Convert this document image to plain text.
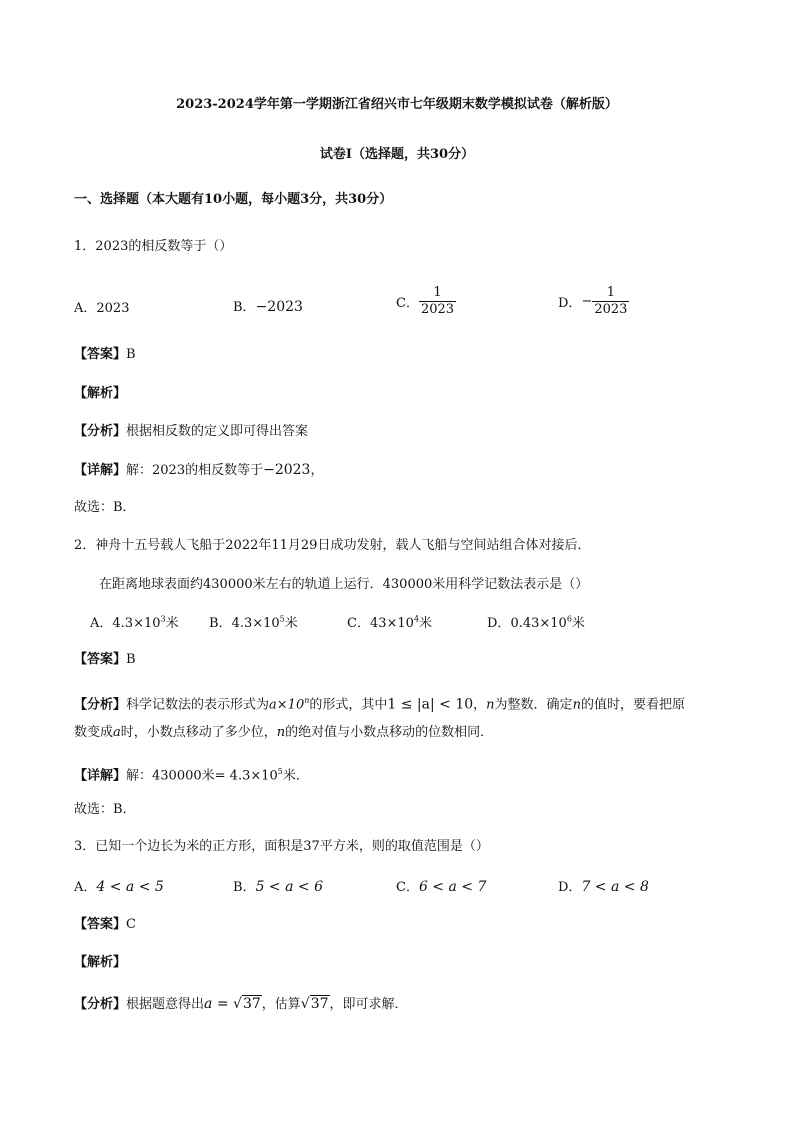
2023-2024学年第一学期浙江省绍兴市七年级期末数学模拟试卷（解析版）
试卷Ⅰ（选择题，共30分）
一、选择题（本大题有10小题，每小题3分，共30分）
1．2023的相反数等于（）
A．2023	B．−2023	C． $\frac{1}{2023}$	D．− $\frac{1}{2023}$
【答案】B
【解析】
【分析】根据相反数的定义即可得出答案
【详解】解：2023的相反数等于−2023，
故选：B．
2．神舟十五号载人飞船于2022年11月29日成功发射，载人飞船与空间站组合体对接后．
在距离地球表面约430000米左右的轨道上运行．430000米用科学记数法表示是（）
A．$4.3\times 10^3$米 B．$4.3\times 10^5$米	C．$43\times 10^4$米	D．$0.43\times 10^6$米
【答案】B
【分析】科学记数法的表示形式为$a\times 10^n$的形式，其中1 ≤ |a| < 10，n为整数．确定n的值时，要看把原
数变成a时，小数点移动了多少位，n的绝对值与小数点移动的位数相同．
【详解】解：430000米= $4.3\times 10^5$米．
故选：B．
3．已知一个边长为米的正方形，面积是37平方米，则的取值范围是（）
A．4 < a < 5	B．5 < a < 6	C．6 < a < 7	D．7 < a < 8
【答案】C
【解析】
【分析】根据题意得出a = √37，估算√37，即可求解．
